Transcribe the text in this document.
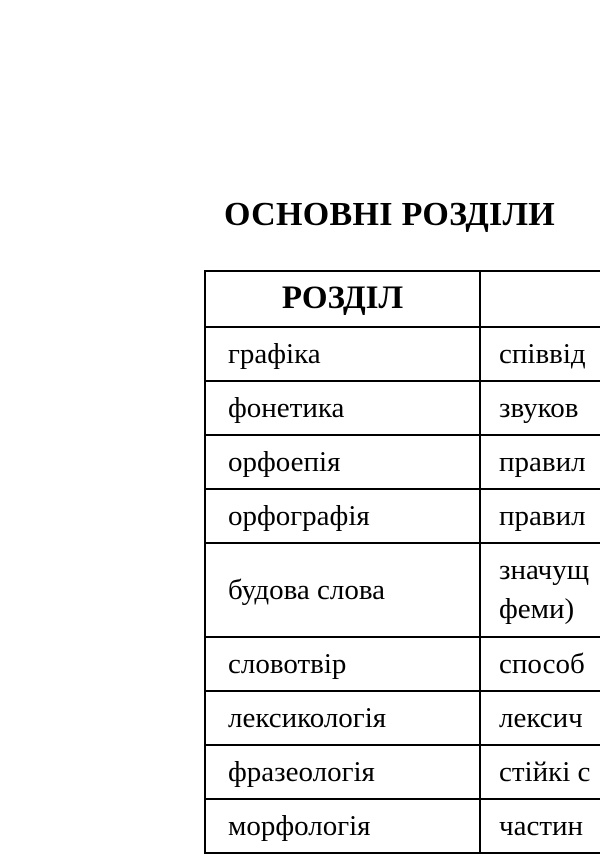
ОСНОВНІ РОЗДІЛИ
РОЗДІЛ	
графіка	співвід
фонетика	звуков
орфоепія	правил
орфографія	правил
будова слова	значущ
феми)

словотвір	способ
лексикологія	лексич
фразеологія	стійкі с
морфологія	частин
